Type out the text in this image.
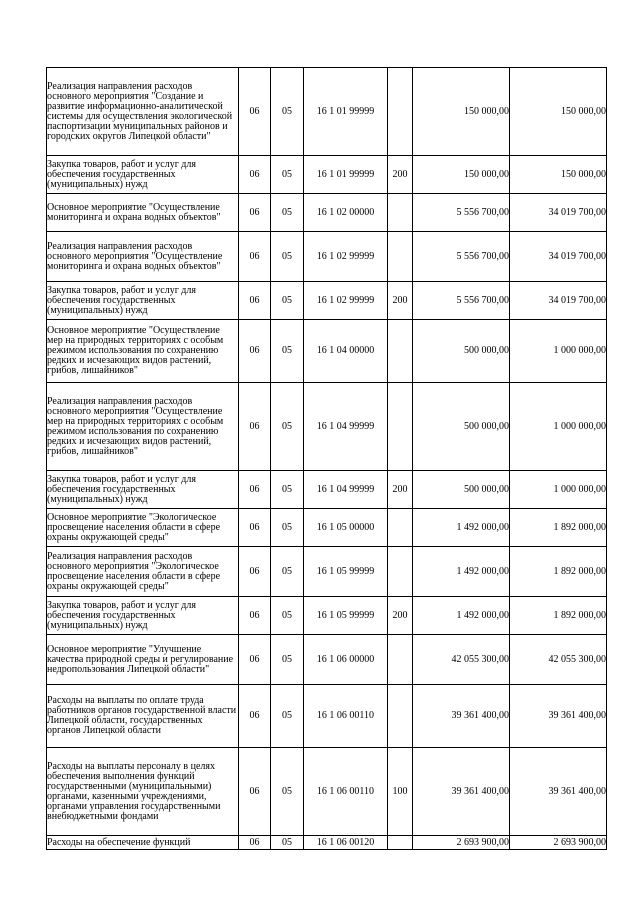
Реализация направления расходов основного мероприятия "Создание и развитие информационно-аналитической системы для осуществления экологической паспортизации муниципальных районов и городских округов Липецкой области"	06	05	16 1 01 99999		150 000,00	150 000,00
Закупка товаров, работ и услуг для обеспечения государственных (муниципальных) нужд	06	05	16 1 01 99999	200	150 000,00	150 000,00
Основное мероприятие "Осуществление мониторинга и охрана водных объектов"	06	05	16 1 02 00000		5 556 700,00	34 019 700,00
Реализация направления расходов основного мероприятия "Осуществление мониторинга и охрана водных объектов"	06	05	16 1 02 99999		5 556 700,00	34 019 700,00
Закупка товаров, работ и услуг для обеспечения государственных (муниципальных) нужд	06	05	16 1 02 99999	200	5 556 700,00	34 019 700,00
Основное мероприятие "Осуществление мер на природных территориях с особым режимом использования по сохранению редких и исчезающих видов растений, грибов, лишайников"	06	05	16 1 04 00000		500 000,00	1 000 000,00
Реализация направления расходов основного мероприятия "Осуществление мер на природных территориях с особым режимом использования по сохранению редких и исчезающих видов растений, грибов, лишайников"	06	05	16 1 04 99999		500 000,00	1 000 000,00
Закупка товаров, работ и услуг для обеспечения государственных (муниципальных) нужд	06	05	16 1 04 99999	200	500 000,00	1 000 000,00
Основное мероприятие "Экологическое просвещение населения области в сфере охраны окружающей среды"	06	05	16 1 05 00000		1 492 000,00	1 892 000,00
Реализация направления расходов основного мероприятия "Экологическое просвещение населения области в сфере охраны окружающей среды"	06	05	16 1 05 99999		1 492 000,00	1 892 000,00
Закупка товаров, работ и услуг для обеспечения государственных (муниципальных) нужд	06	05	16 1 05 99999	200	1 492 000,00	1 892 000,00
Основное мероприятие "Улучшение качества природной среды и регулирование недропользования Липецкой области"	06	05	16 1 06 00000		42 055 300,00	42 055 300,00
Расходы на выплаты по оплате труда работников органов государственной власти Липецкой области, государственных органов Липецкой области	06	05	16 1 06 00110		39 361 400,00	39 361 400,00
Расходы на выплаты персоналу в целях обеспечения выполнения функций государственными (муниципальными) органами, казенными учреждениями, органами управления государственными внебюджетными фондами	06	05	16 1 06 00110	100	39 361 400,00	39 361 400,00
Расходы на обеспечение функций	06	05	16 1 06 00120		2 693 900,00	2 693 900,00
